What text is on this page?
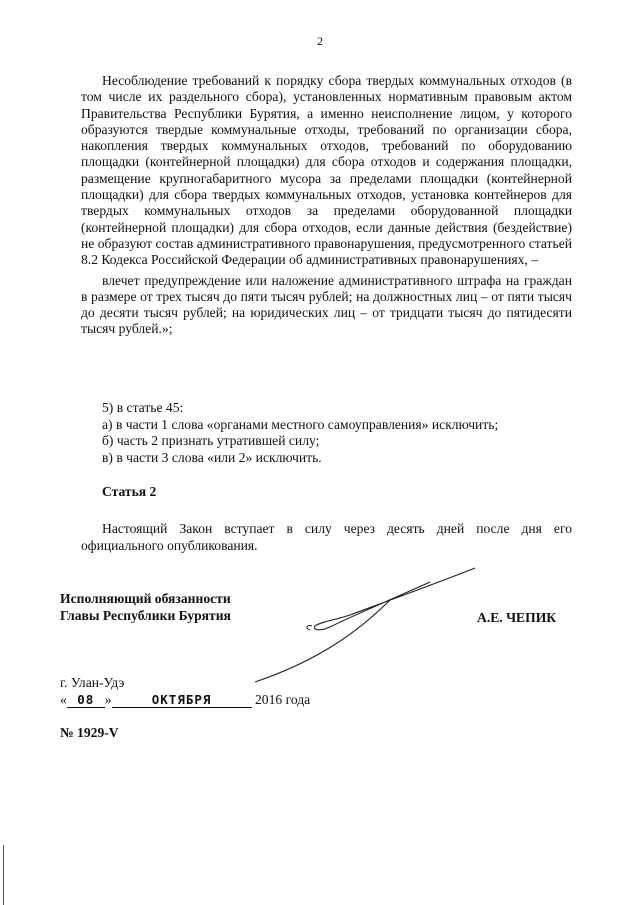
2

Несоблюдение требований к порядку сбора твердых коммунальных отходов (в том числе их раздельного сбора), установленных нормативным правовым актом Правительства Республики Бурятия, а именно неисполнение лицом, у которого образуются твердые коммунальные отходы, требований по организации сбора, накопления твердых коммунальных отходов, требований по оборудованию площадки (контейнерной площадки) для сбора отходов и содержания площадки, размещение крупногабаритного мусора за пределами площадки (контейнерной площадки) для сбора твердых коммунальных отходов, установка контейнеров для твердых коммунальных отходов за пределами оборудованной площадки (контейнерной площадки) для сбора отходов, если данные действия (бездействие) не образуют состав административного правонарушения, предусмотренного статьей 8.2 Кодекса Российской Федерации об административных правонарушениях, –

влечет предупреждение или наложение административного штрафа на граждан в размере от трех тысяч до пяти тысяч рублей; на должностных лиц – от пяти тысяч до десяти тысяч рублей; на юридических лиц – от тридцати тысяч до пятидесяти тысяч рублей.»;

5) в статье 45:
а) в части 1 слова «органами местного самоуправления» исключить;
б) часть 2 признать утратившей силу;
в) в части 3 слова «или 2» исключить.
Статья 2

Настоящий Закон вступает в силу через десять дней после дня его официального опубликования.

Исполняющий обязанности
Главы Республики Бурятия	А.Е. ЧЕПИК
г. Улан-Удэ
« 08 »	ОКТЯБРЯ	2016 года
№ 1929-V
